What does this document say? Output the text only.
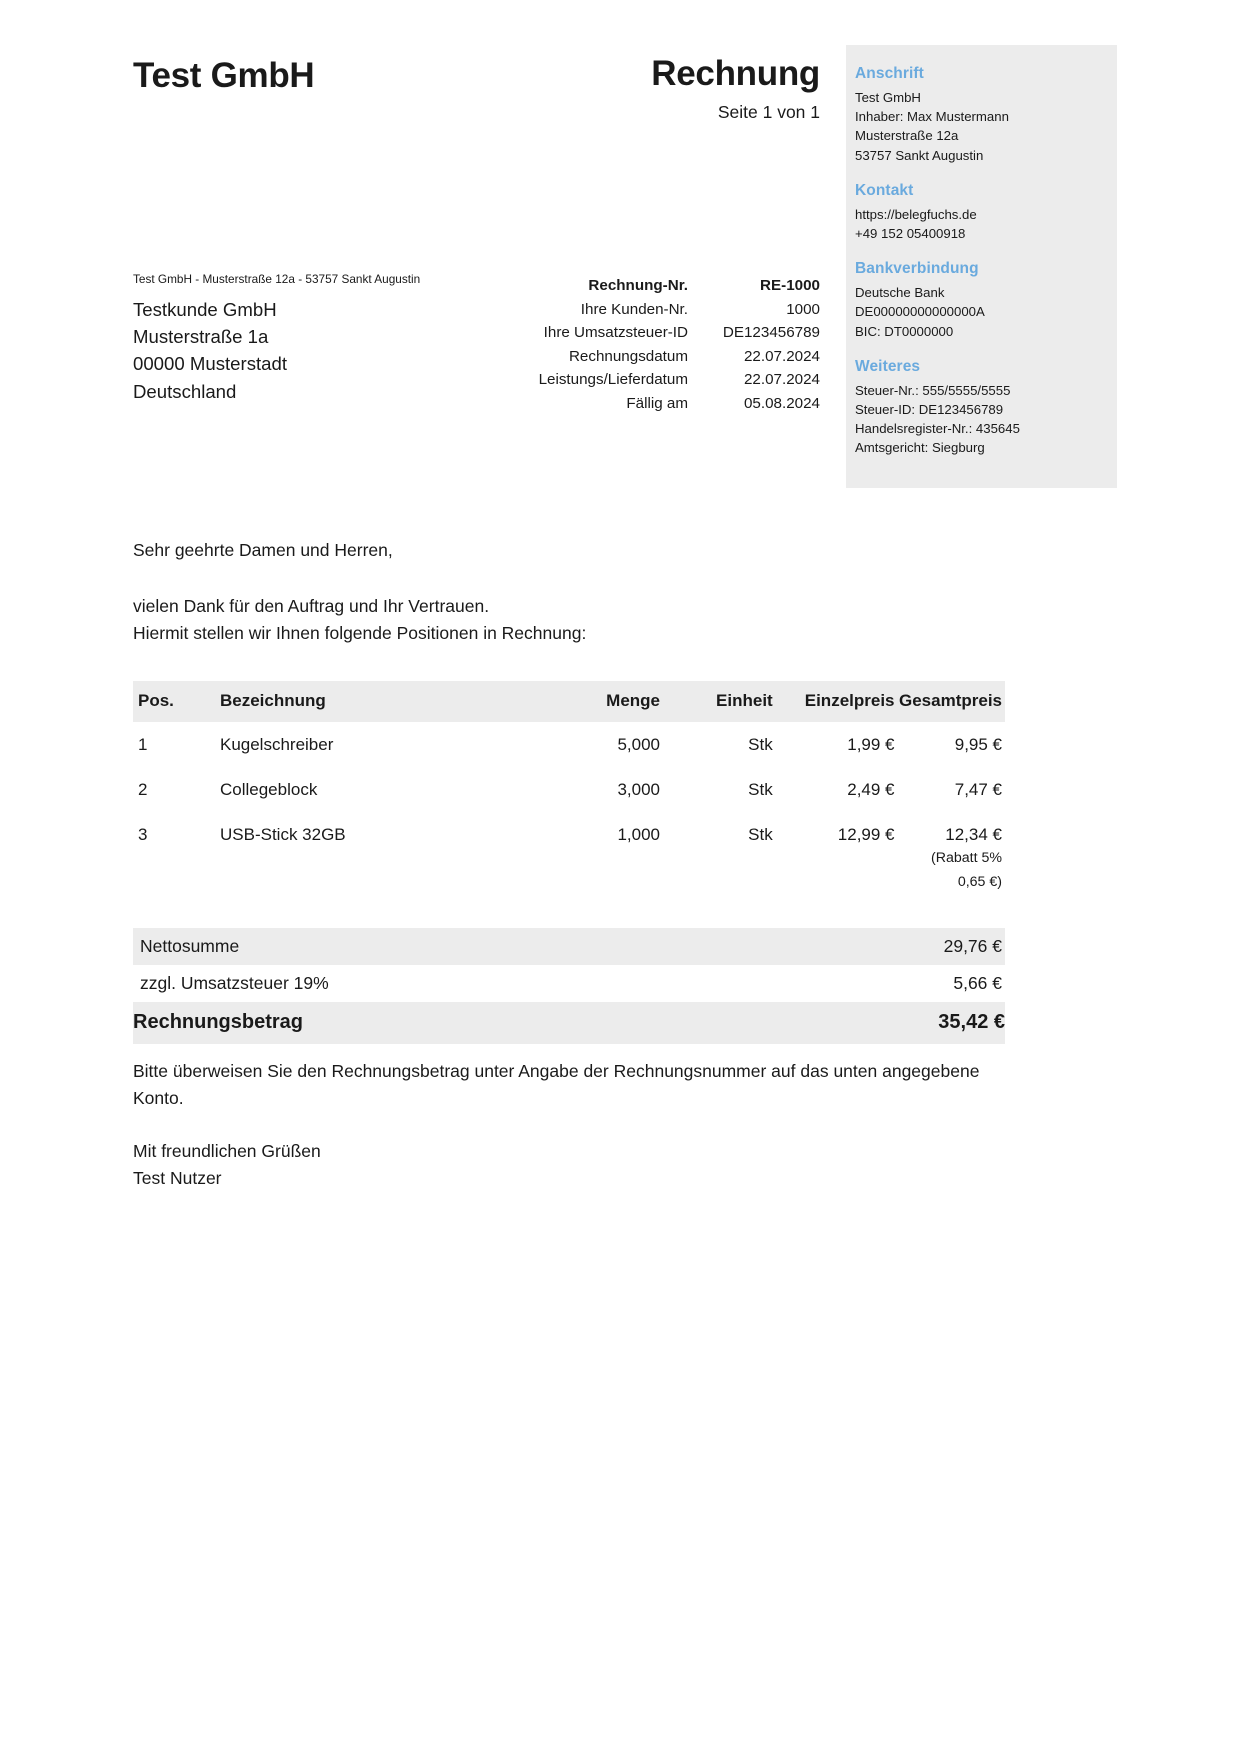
Anschrift
Test GmbH
Inhaber: Max Mustermann
Musterstraße 12a
53757 Sankt Augustin
Kontakt
https://belegfuchs.de
+49 152 05400918
Bankverbindung
Deutsche Bank
DE00000000000000A
BIC: DT0000000
Weiteres
Steuer-Nr.: 555/5555/5555
Steuer-ID: DE123456789
Handelsregister-Nr.: 435645
Amtsgericht: Siegburg
Test GmbH	Rechnung
Seite 1 von 1
Test GmbH - Musterstraße 12a - 53757 Sankt Augustin
Testkunde GmbH
Musterstraße 1a
00000 Musterstadt
Deutschland
Rechnung-Nr.	RE-1000
Ihre Kunden-Nr.	1000
Ihre Umsatzsteuer-ID	DE123456789
Rechnungsdatum	22.07.2024
Leistungs/Lieferdatum	22.07.2024
Fällig am	05.08.2024
Sehr geehrte Damen und Herren,
vielen Dank für den Auftrag und Ihr Vertrauen.
Hiermit stellen wir Ihnen folgende Positionen in Rechnung:
Pos.	Bezeichnung	Menge	Einheit	Einzelpreis	Gesamtpreis
1	Kugelschreiber	5,000	Stk	1,99 €	9,95 €
2	Collegeblock	3,000	Stk	2,49 €	7,47 €
3	USB-Stick 32GB	1,000	Stk	12,99 €	12,34 €
(Rabatt 5%
0,65 €)
Nettosumme	29,76 €
zzgl. Umsatzsteuer 19%	5,66 €
Rechnungsbetrag	35,42 €
Bitte überweisen Sie den Rechnungsbetrag unter Angabe der Rechnungsnummer auf das unten angegebene Konto.
Mit freundlichen Grüßen
Test Nutzer
